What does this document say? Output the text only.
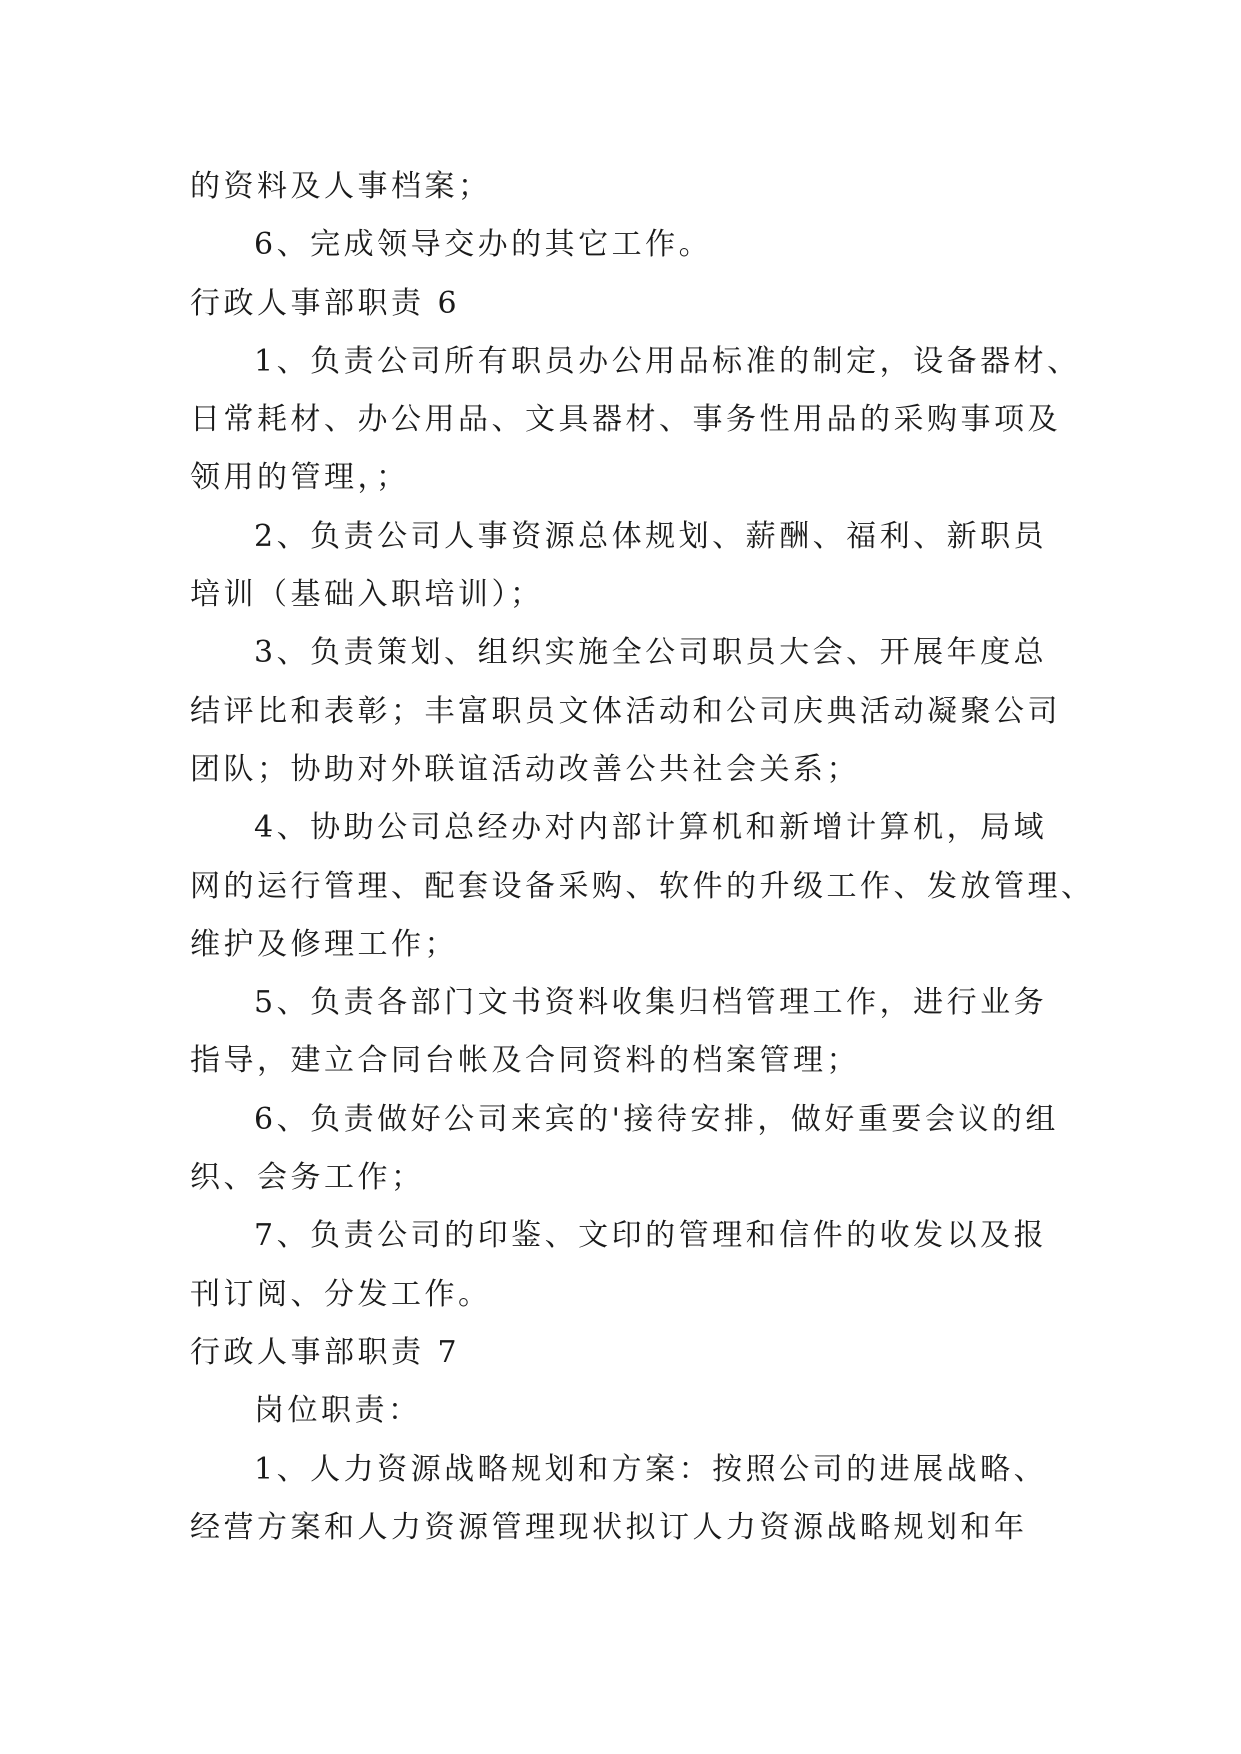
的资料及人事档案；
6、完成领导交办的其它工作。
行政人事部职责 6
1、负责公司所有职员办公用品标准的制定，设备器材、
日常耗材、办公用品、文具器材、事务性用品的采购事项及
领用的管理，；
2、负责公司人事资源总体规划、薪酬、福利、新职员
培训（基础入职培训）；
3、负责策划、组织实施全公司职员大会、开展年度总
结评比和表彰；丰富职员文体活动和公司庆典活动凝聚公司
团队；协助对外联谊活动改善公共社会关系；
4、协助公司总经办对内部计算机和新增计算机，局域
网的运行管理、配套设备采购、软件的升级工作、发放管理、
维护及修理工作；
5、负责各部门文书资料收集归档管理工作，进行业务
指导，建立合同台帐及合同资料的档案管理；
6、负责做好公司来宾的'接待安排，做好重要会议的组
织、会务工作；
7、负责公司的印鉴、文印的管理和信件的收发以及报
刊订阅、分发工作。
行政人事部职责 7
岗位职责：
1、人力资源战略规划和方案：按照公司的进展战略、
经营方案和人力资源管理现状拟订人力资源战略规划和年
